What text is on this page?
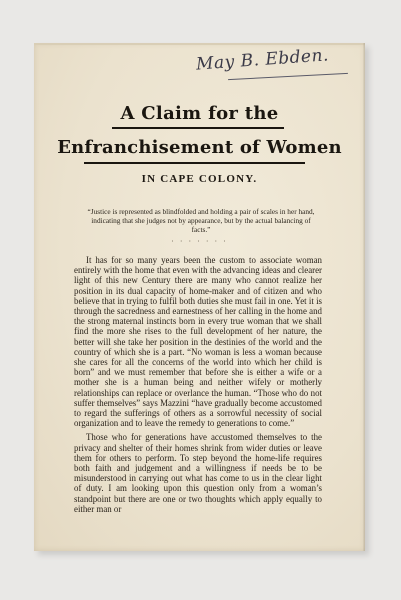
May B. Ebden.
A Claim for the
Enfranchisement of Women
IN CAPE COLONY.
“Justice is represented as blindfolded and holding a pair of scales in her hand, indicating that she judges not by appearance, but by the actual balancing of facts.”
· · · · · · ·

It has for so many years been the custom to associate woman entirely with the home that even with the advancing ideas and clearer light of this new Century there are many who cannot realize her position in its dual capacity of home-maker and of citizen and who believe that in trying to fulfil both duties she must fail in one. Yet it is through the sacredness and earnestness of her calling in the home and the strong maternal instincts born in every true woman that we shall find the more she rises to the full development of her nature, the better will she take her position in the destinies of the world and the country of which she is a part. “No woman is less a woman because she cares for all the concerns of the world into which her child is born” and we must remember that before she is either a wife or a mother she is a human being and neither wifely or motherly relationships can replace or overlance the human. “Those who do not suffer themselves” says Mazzini “have gradually become accustomed to regard the sufferings of others as a sorrowful necessity of social organization and to leave the remedy to generations to come.”

Those who for generations have accustomed themselves to the privacy and shelter of their homes shrink from wider duties or leave them for others to perform. To step beyond the home-life requires both faith and judgement and a willingness if needs be to be misunderstood in carrying out what has come to us in the clear light of duty. I am looking upon this question only from a woman’s standpoint but there are one or two thoughts which apply equally to either man or
